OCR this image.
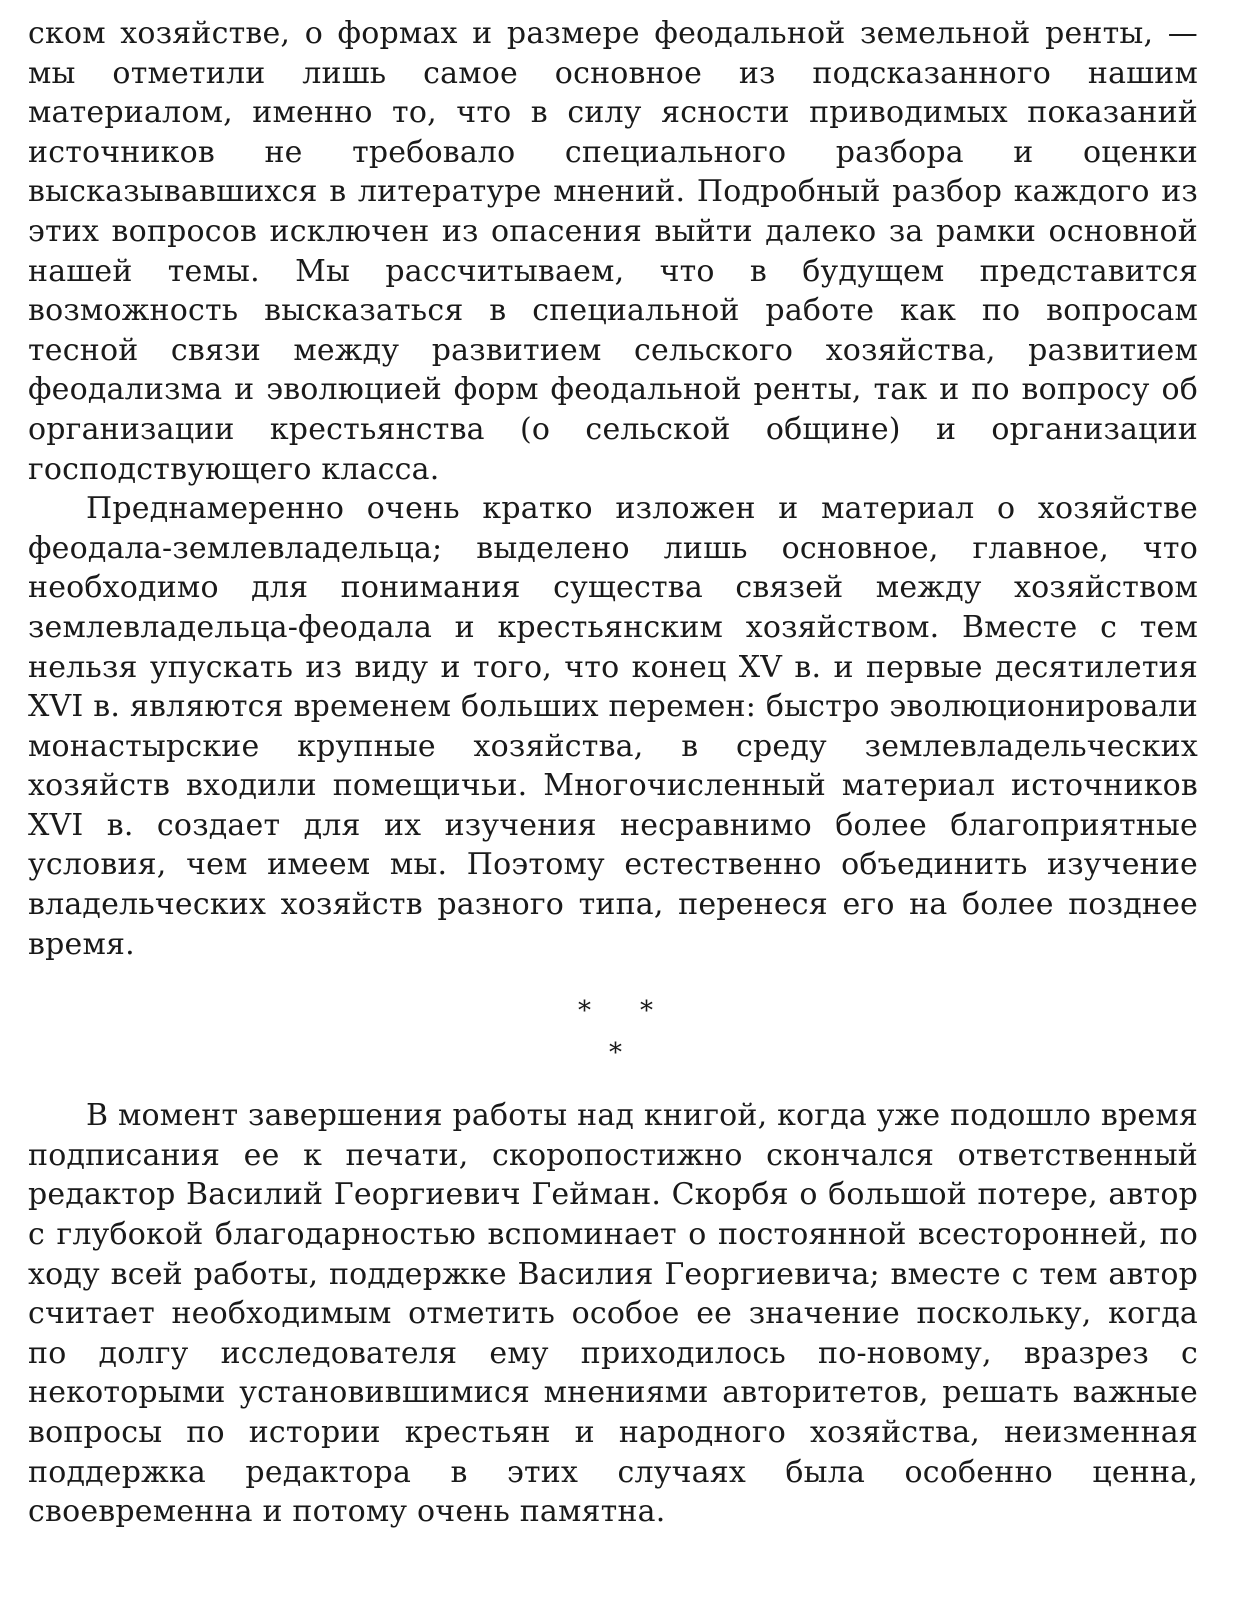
ском хозяйстве, о формах и размере феодальной земельной ренты, — мы отметили лишь самое основное из подсказанного нашим материалом, именно то, что в силу ясности приводимых показаний источников не требовало специального разбора и оценки высказывавшихся в литературе мнений. Подробный разбор каждого из этих вопросов исключен из опасения выйти далеко за рамки основной нашей темы. Мы рассчитываем, что в будущем представится возможность высказаться в специальной работе как по вопросам тесной связи между развитием сельского хозяйства, развитием феодализма и эволюцией форм феодальной ренты, так и по вопросу об организации крестьянства (о сельской общине) и организации господствующего класса.

Преднамеренно очень кратко изложен и материал о хозяйстве феодала-землевладельца; выделено лишь основное, главное, что необходимо для понимания существа связей между хозяйством землевладельца-феодала и крестьянским хозяйством. Вместе с тем нельзя упускать из виду и того, что конец XV в. и первые десятилетия XVI в. являются временем больших перемен: быстро эволюционировали монастырские крупные хозяйства, в среду землевладельческих хозяйств входили помещичьи. Многочисленный материал источников XVI в. создает для их изучения несравнимо более благоприятные условия, чем имеем мы. Поэтому естественно объединить изучение владельческих хозяйств разного типа, перенеся его на более позднее время.

* *
*

В момент завершения работы над книгой, когда уже подошло время подписания ее к печати, скоропостижно скончался ответственный редактор Василий Георгиевич Гейман. Скорбя о большой потере, автор с глубокой благодарностью вспоминает о постоянной всесторонней, по ходу всей работы, поддержке Василия Георгиевича; вместе с тем автор считает необходимым отметить особое ее значение поскольку, когда по долгу исследователя ему приходилось по-новому, вразрез с некоторыми установившимися мнениями авторитетов, решать важные вопросы по истории крестьян и народного хозяйства, неизменная поддержка редактора в этих случаях была особенно ценна, своевременна и потому очень памятна.
